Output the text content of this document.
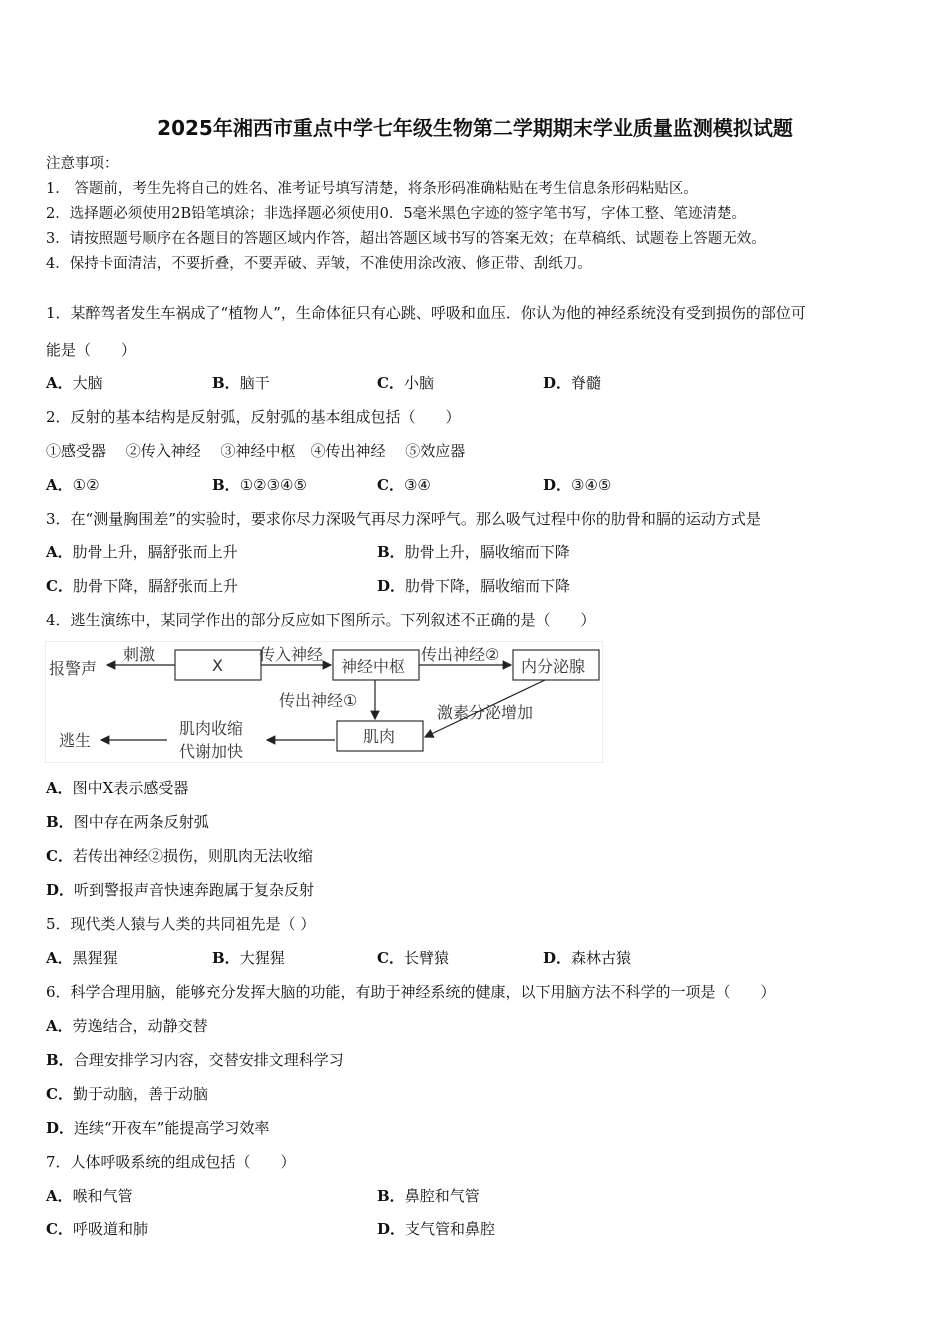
2025年湘西市重点中学七年级生物第二学期期末学业质量监测模拟试题
注意事项：
1． 答题前，考生先将自己的姓名、准考证号填写清楚，将条形码准确粘贴在考生信息条形码粘贴区。
2．选择题必须使用2B铅笔填涂；非选择题必须使用0．5毫米黑色字迹的签字笔书写，字体工整、笔迹清楚。
3．请按照题号顺序在各题目的答题区域内作答，超出答题区域书写的答案无效；在草稿纸、试题卷上答题无效。
4．保持卡面清洁，不要折叠，不要弄破、弄皱，不准使用涂改液、修正带、刮纸刀。
1．某醉驾者发生车祸成了“植物人”，生命体征只有心跳、呼吸和血压．你认为他的神经系统没有受到损伤的部位可
能是（　　）
A．大脑	B．脑干	C．小脑	D．脊髓
2．反射的基本结构是反射弧，反射弧的基本组成包括（　　）
①感受器　 ②传入神经　 ③神经中枢　④传出神经　 ⑤效应器
A．①②	B．①②③④⑤	C．③④	D．③④⑤
3．在“测量胸围差”的实验时，要求你尽力深吸气再尽力深呼气。那么吸气过程中你的肋骨和膈的运动方式是
A．肋骨上升，膈舒张而上升	B．肋骨上升，膈收缩而下降
C．肋骨下降，膈舒张而上升	D．肋骨下降，膈收缩而下降
4．逃生演练中，某同学作出的部分反应如下图所示。下列叙述不正确的是（　　）
报警声
刺激
X
传入神经
神经中枢
传出神经②
内分泌腺
传出神经①
激素分泌增加
肌肉
肌肉收缩
代谢加快
逃生
A．图中X表示感受器
B．图中存在两条反射弧
C．若传出神经②损伤，则肌肉无法收缩
D．听到警报声音快速奔跑属于复杂反射
5．现代类人猿与人类的共同祖先是（ ）
A．黑猩猩	B．大猩猩	C．长臂猿	D．森林古猿
6．科学合理用脑，能够充分发挥大脑的功能，有助于神经系统的健康，以下用脑方法不科学的一项是（　　）
A．劳逸结合，动静交替
B．合理安排学习内容，交替安排文理科学习
C．勤于动脑，善于动脑
D．连续“开夜车”能提高学习效率
7．人体呼吸系统的组成包括（　　）
A．喉和气管	B．鼻腔和气管
C．呼吸道和肺	D．支气管和鼻腔
